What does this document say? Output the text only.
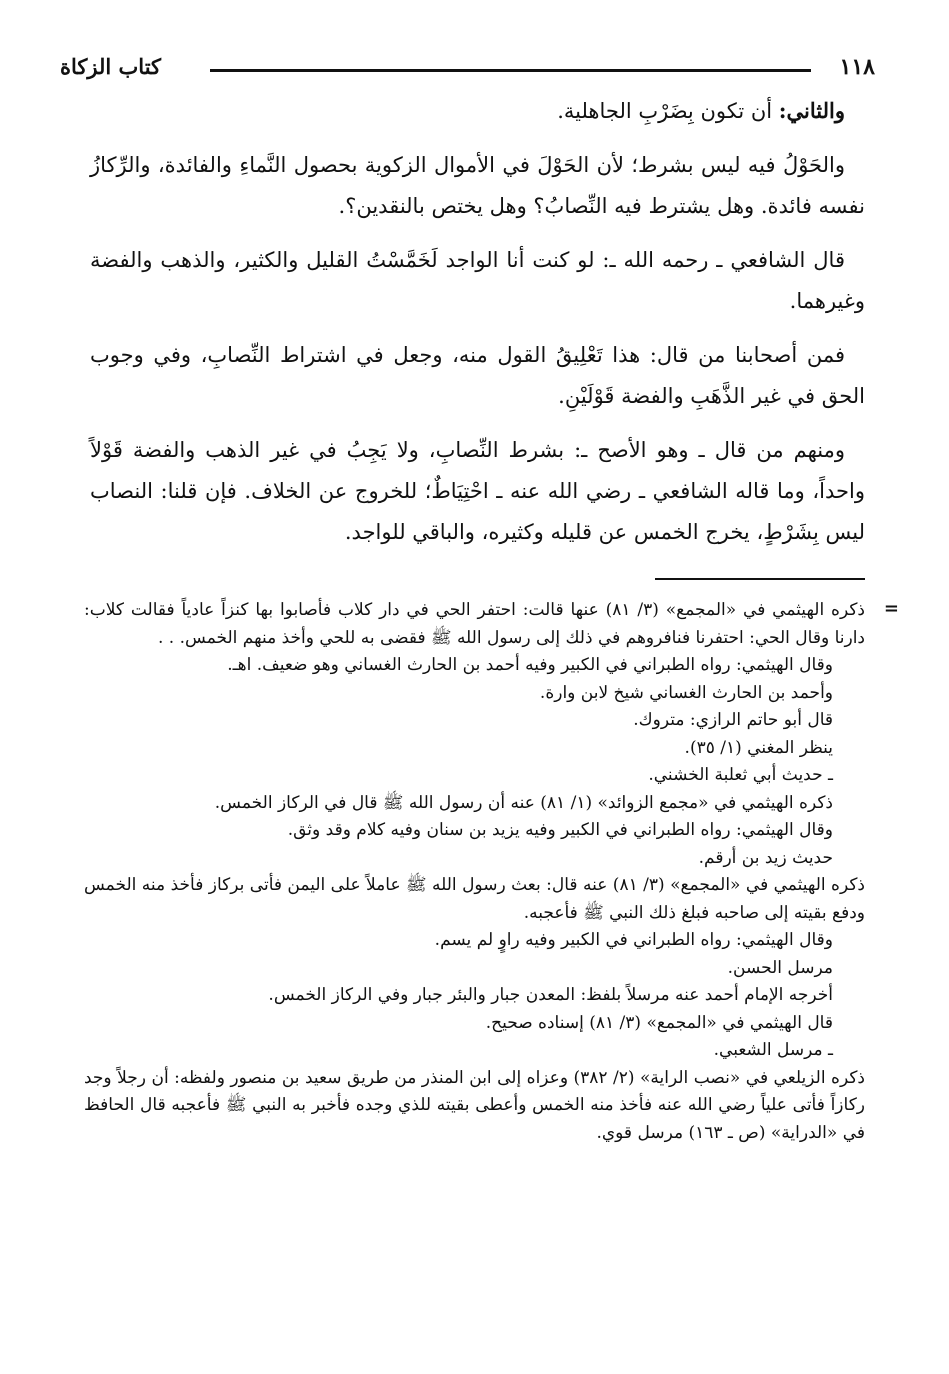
١١٨
كتاب الزكاة

والثاني: أن تكون بِضَرْبِ الجاهلية.

والحَوْلُ فيه ليس بشرط؛ لأن الحَوْلَ في الأموال الزكوية بحصول النَّماءِ والفائدة، والرِّكازُ نفسه فائدة. وهل يشترط فيه النِّصابُ؟ وهل يختص بالنقدين؟.

قال الشافعي ـ رحمه الله ـ: لو كنت أنا الواجد لَخَمَّسْتُ القليل والكثير، والذهب والفضة وغيرهما.

فمن أصحابنا من قال: هذا تَعْلِيقُ القول منه، وجعل في اشتراط النِّصابِ، وفي وجوب الحق في غير الذَّهَبِ والفضة قَوْلَيْنِ.

ومنهم من قال ـ وهو الأصح ـ: بشرط النِّصابِ، ولا يَجِبُ في غير الذهب والفضة قَوْلاً واحداً، وما قاله الشافعي ـ رضي الله عنه ـ احْتِيَاطٌ؛ للخروج عن الخلاف. فإن قلنا: النصاب ليس بِشَرْطٍ، يخرج الخمس عن قليله وكثيره، والباقي للواجد.

=

ذكره الهيثمي في «المجمع» (٣/ ٨١) عنها قالت: احتفر الحي في دار كلاب فأصابوا بها كنزاً عادياً فقالت كلاب: دارنا وقال الحي: احتفرنا فنافروهم في ذلك إلى رسول الله ﷺ فقضى به للحي وأخذ منهم الخمس. . .

وقال الهيثمي: رواه الطبراني في الكبير وفيه أحمد بن الحارث الغساني وهو ضعيف. اهـ.

وأحمد بن الحارث الغساني شيخ لابن وارة.

قال أبو حاتم الرازي: متروك.

ينظر المغني (١/ ٣٥).

ـ حديث أبي ثعلبة الخشني.

ذكره الهيثمي في «مجمع الزوائد» (١/ ٨١) عنه أن رسول الله ﷺ قال في الركاز الخمس.

وقال الهيثمي: رواه الطبراني في الكبير وفيه يزيد بن سنان وفيه كلام وقد وثق.

حديث زيد بن أرقم.

ذكره الهيثمي في «المجمع» (٣/ ٨١) عنه قال: بعث رسول الله ﷺ عاملاً على اليمن فأتى بركاز فأخذ منه الخمس ودفع بقيته إلى صاحبه فبلغ ذلك النبي ﷺ فأعجبه.

وقال الهيثمي: رواه الطبراني في الكبير وفيه راوٍ لم يسم.

مرسل الحسن.

أخرجه الإمام أحمد عنه مرسلاً بلفظ: المعدن جبار والبئر جبار وفي الركاز الخمس.

قال الهيثمي في «المجمع» (٣/ ٨١) إسناده صحيح.

ـ مرسل الشعبي.

ذكره الزيلعي في «نصب الراية» (٢/ ٣٨٢) وعزاه إلى ابن المنذر من طريق سعيد بن منصور ولفظه: أن رجلاً وجد ركازاً فأتى علياً رضي الله عنه فأخذ منه الخمس وأعطى بقيته للذي وجده فأخبر به النبي ﷺ فأعجبه قال الحافظ في «الدراية» (ص ـ ١٦٣) مرسل قوي.
